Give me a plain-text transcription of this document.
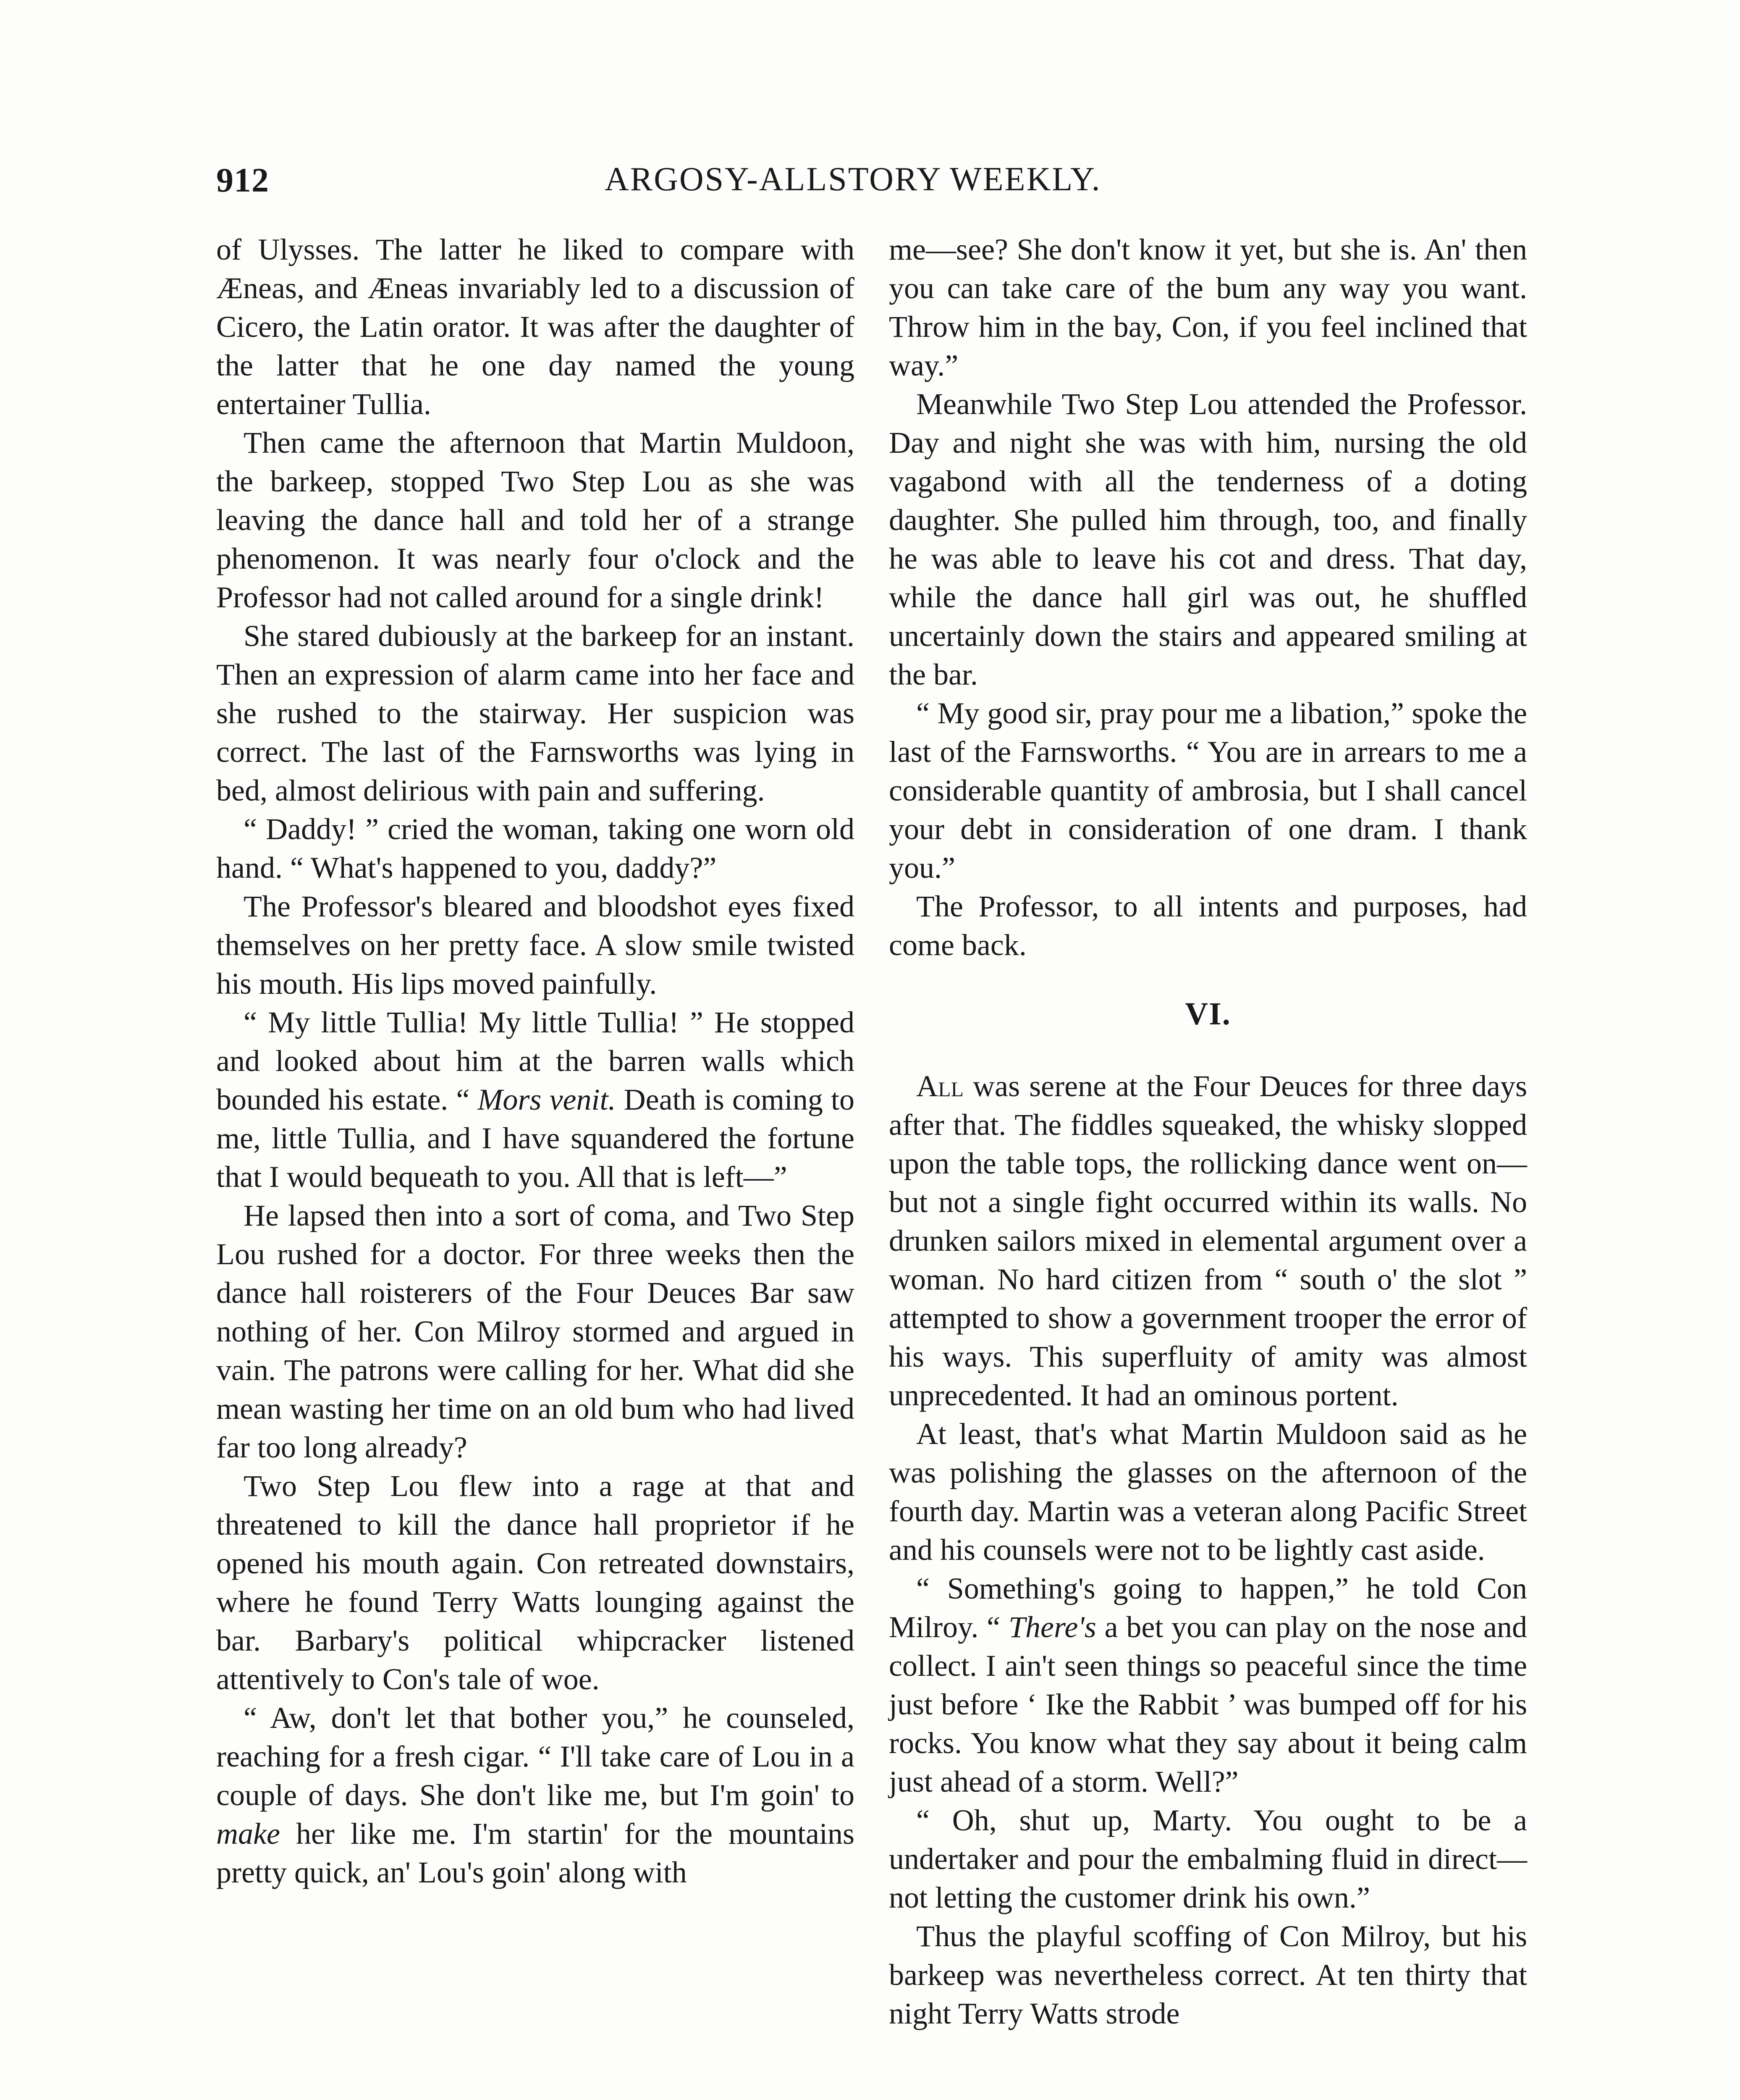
912	ARGOSY-ALLSTORY WEEKLY.

of Ulysses. The latter he liked to compare with Æneas, and Æneas invariably led to a discussion of Cicero, the Latin orator. It was after the daughter of the latter that he one day named the young entertainer Tullia.

Then came the afternoon that Martin Muldoon, the barkeep, stopped Two Step Lou as she was leaving the dance hall and told her of a strange phenomenon. It was nearly four o'clock and the Professor had not called around for a single drink!

She stared dubiously at the barkeep for an instant. Then an expression of alarm came into her face and she rushed to the stairway. Her suspicion was correct. The last of the Farnsworths was lying in bed, almost delirious with pain and suffering.

“ Daddy! ” cried the woman, taking one worn old hand. “ What's happened to you, daddy?”

The Professor's bleared and bloodshot eyes fixed themselves on her pretty face. A slow smile twisted his mouth. His lips moved painfully.

“ My little Tullia! My little Tullia! ” He stopped and looked about him at the barren walls which bounded his estate. “ Mors venit. Death is coming to me, little Tullia, and I have squandered the fortune that I would bequeath to you. All that is left—”

He lapsed then into a sort of coma, and Two Step Lou rushed for a doctor. For three weeks then the dance hall roisterers of the Four Deuces Bar saw nothing of her. Con Milroy stormed and argued in vain. The patrons were calling for her. What did she mean wasting her time on an old bum who had lived far too long already?

Two Step Lou flew into a rage at that and threatened to kill the dance hall proprietor if he opened his mouth again. Con retreated downstairs, where he found Terry Watts lounging against the bar. Barbary's political whipcracker listened attentively to Con's tale of woe.

“ Aw, don't let that bother you,” he counseled, reaching for a fresh cigar. “ I'll take care of Lou in a couple of days. She don't like me, but I'm goin' to make her like me. I'm startin' for the mountains pretty quick, an' Lou's goin' along with

me—see? She don't know it yet, but she is. An' then you can take care of the bum any way you want. Throw him in the bay, Con, if you feel inclined that way.”

Meanwhile Two Step Lou attended the Professor. Day and night she was with him, nursing the old vagabond with all the tenderness of a doting daughter. She pulled him through, too, and finally he was able to leave his cot and dress. That day, while the dance hall girl was out, he shuffled uncertainly down the stairs and appeared smiling at the bar.

“ My good sir, pray pour me a libation,” spoke the last of the Farnsworths. “ You are in arrears to me a considerable quantity of ambrosia, but I shall cancel your debt in consideration of one dram. I thank you.”

The Professor, to all intents and purposes, had come back.

VI.

All was serene at the Four Deuces for three days after that. The fiddles squeaked, the whisky slopped upon the table tops, the rollicking dance went on—but not a single fight occurred within its walls. No drunken sailors mixed in elemental argument over a woman. No hard citizen from “ south o' the slot ” attempted to show a government trooper the error of his ways. This superfluity of amity was almost unprecedented. It had an ominous portent.

At least, that's what Martin Muldoon said as he was polishing the glasses on the afternoon of the fourth day. Martin was a veteran along Pacific Street and his counsels were not to be lightly cast aside.

“ Something's going to happen,” he told Con Milroy. “ There's a bet you can play on the nose and collect. I ain't seen things so peaceful since the time just before ‘ Ike the Rabbit ’ was bumped off for his rocks. You know what they say about it being calm just ahead of a storm. Well?”

“ Oh, shut up, Marty. You ought to be a undertaker and pour the embalming fluid in direct—not letting the customer drink his own.”

Thus the playful scoffing of Con Milroy, but his barkeep was nevertheless correct. At ten thirty that night Terry Watts strode
